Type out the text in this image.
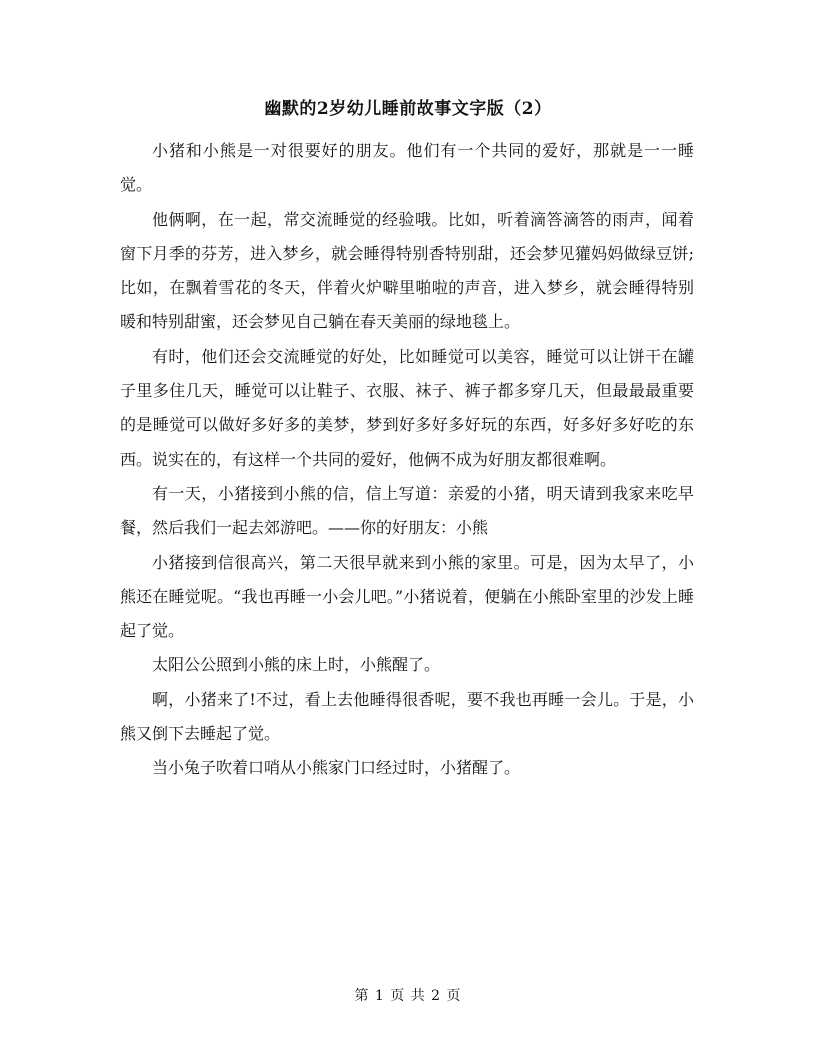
幽默的2岁幼儿睡前故事文字版（2）

小猪和小熊是一对很要好的朋友。他们有一个共同的爱好，那就是一一睡觉。

他俩啊，在一起，常交流睡觉的经验哦。比如，听着滴答滴答的雨声，闻着窗下月季的芬芳，进入梦乡，就会睡得特别香特别甜，还会梦见獾妈妈做绿豆饼;比如，在飘着雪花的冬天，伴着火炉噼里啪啦的声音，进入梦乡，就会睡得特别暖和特别甜蜜，还会梦见自己躺在春天美丽的绿地毯上。

有时，他们还会交流睡觉的好处，比如睡觉可以美容，睡觉可以让饼干在罐子里多住几天，睡觉可以让鞋子、衣服、袜子、裤子都多穿几天，但最最最重要的是睡觉可以做好多好多的美梦，梦到好多好多好玩的东西，好多好多好吃的东西。说实在的，有这样一个共同的爱好，他俩不成为好朋友都很难啊。

有一天，小猪接到小熊的信，信上写道：亲爱的小猪，明天请到我家来吃早餐，然后我们一起去郊游吧。——你的好朋友：小熊

小猪接到信很高兴，第二天很早就来到小熊的家里。可是，因为太早了，小熊还在睡觉呢。“我也再睡一小会儿吧。”小猪说着，便躺在小熊卧室里的沙发上睡起了觉。

太阳公公照到小熊的床上时，小熊醒了。

啊，小猪来了!不过，看上去他睡得很香呢，要不我也再睡一会儿。于是，小熊又倒下去睡起了觉。

当小兔子吹着口哨从小熊家门口经过时，小猪醒了。

第 1 页 共 2 页
